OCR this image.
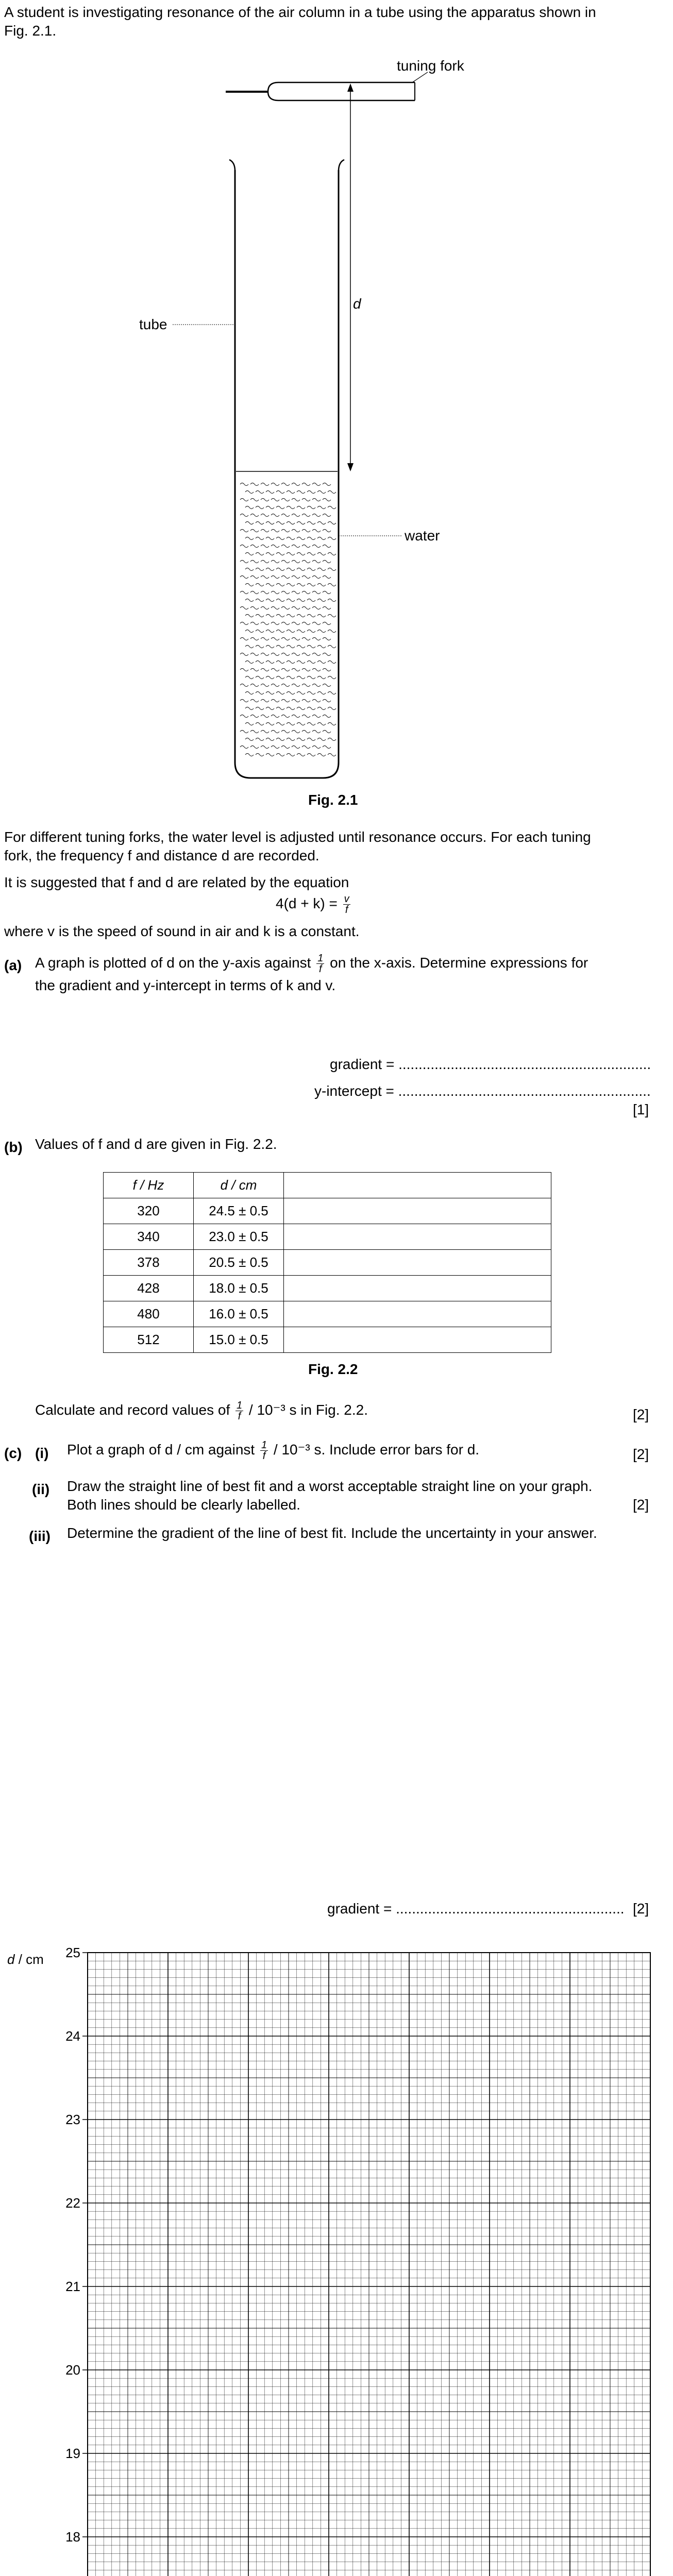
A student is investigating resonance of the air column in a tube using the apparatus shown in
Fig. 2.1.
tuning fork
tube
d
water
Fig. 2.1
For different tuning forks, the water level is adjusted until resonance occurs. For each tuning
fork, the frequency f and distance d are recorded.
It is suggested that f and d are related by the equation
$4(d + k) = \frac{v}{f}$
where v is the speed of sound in air and k is a constant.
(a) A graph is plotted of d on the y-axis against $\frac{1}{f}$ on the x-axis. Determine expressions for
the gradient and y-intercept in terms of k and v.
gradient = ...............................................................
y-intercept = ...............................................................
[1]
(b) Values of f and d are given in Fig. 2.2.
f / Hz	d / cm	
320	24.5 ± 0.5	
340	23.0 ± 0.5	
378	20.5 ± 0.5	
428	18.0 ± 0.5	
480	16.0 ± 0.5	
512	15.0 ± 0.5	
Fig. 2.2
Calculate and record values of $\frac{1}{f} / 10^{-3}$ s in Fig. 2.2.	[2]
(c) (i) Plot a graph of d / cm against $\frac{1}{f} / 10^{-3}$ s. Include error bars for d.	[2]
(ii) Draw the straight line of best fit and a worst acceptable straight line on your graph.
Both lines should be clearly labelled.	[2]
(iii) Determine the gradient of the line of best fit. Include the uncertainty in your answer.
gradient = ......................................................... [2]
d / cm
18
19
20
21
22
23
24
25
